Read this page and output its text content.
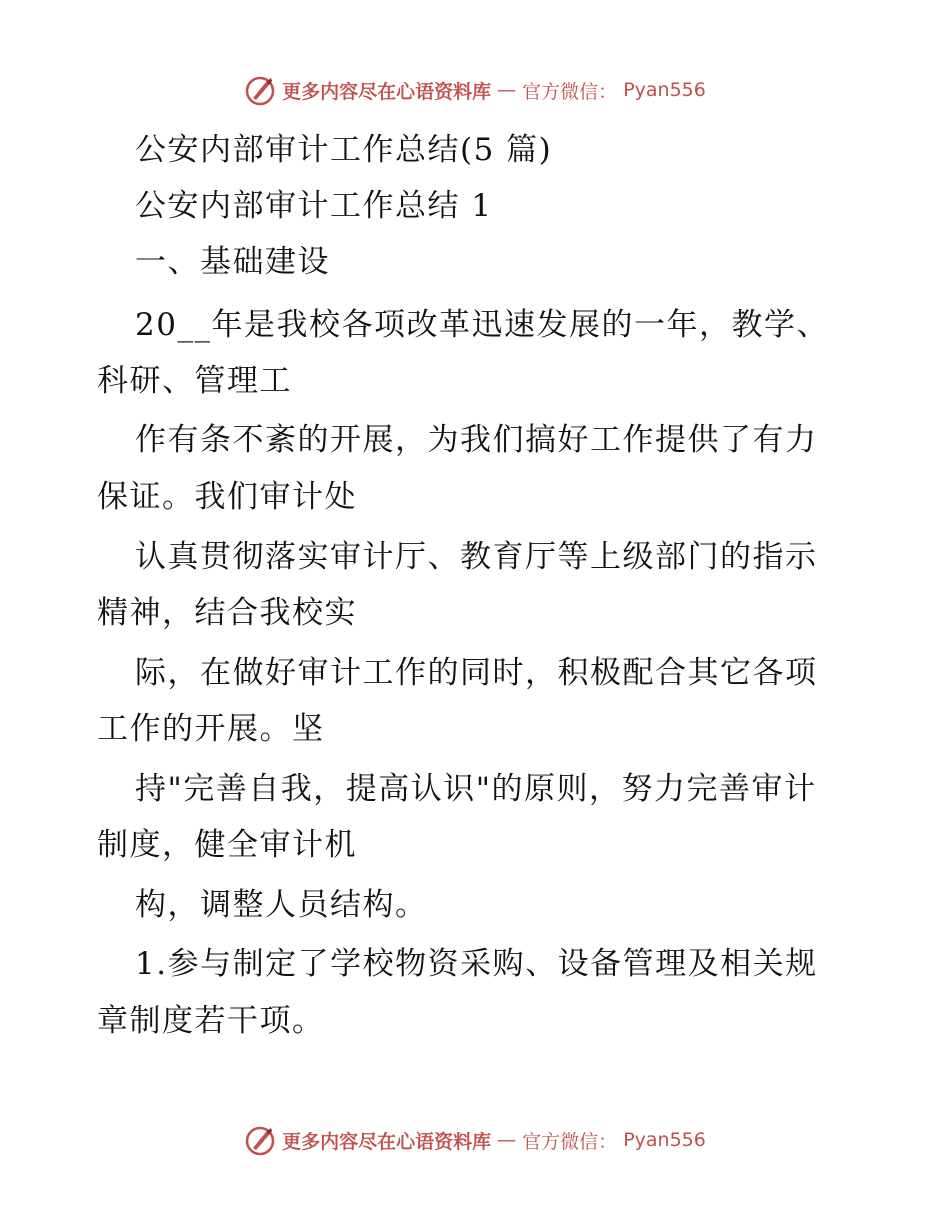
更多内容尽在心语资料库 — 官方微信： Pyan556
公安内部审计工作总结(5 篇)
公安内部审计工作总结 1
一、基础建设
20__年是我校各项改革迅速发展的一年，教学、
科研、管理工
作有条不紊的开展，为我们搞好工作提供了有力
保证。我们审计处
认真贯彻落实审计厅、教育厅等上级部门的指示
精神，结合我校实
际，在做好审计工作的同时，积极配合其它各项
工作的开展。坚
持"完善自我，提高认识"的原则，努力完善审计
制度，健全审计机
构，调整人员结构。
1.参与制定了学校物资采购、设备管理及相关规
章制度若干项。
更多内容尽在心语资料库 — 官方微信： Pyan556
